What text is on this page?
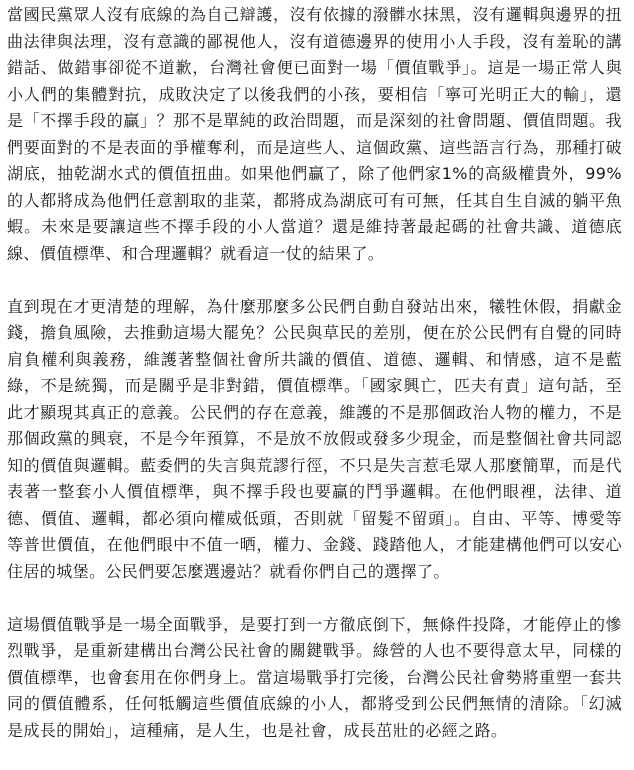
當國民黨眾人沒有底線的為自己辯護，沒有依據的潑髒水抹黑，沒有邏輯與邊界的扭曲法律與法理，沒有意識的鄙視他人，沒有道德邊界的使用小人手段，沒有羞恥的講錯話、做錯事卻從不道歉，台灣社會便已面對一場「價值戰爭」。這是一場正常人與小人們的集體對抗，成敗決定了以後我們的小孩，要相信「寧可光明正大的輸」，還是「不擇手段的贏」？那不是單純的政治問題，而是深刻的社會問題、價值問題。我們要面對的不是表面的爭權奪利，而是這些人、這個政黨、這些語言行為，那種打破湖底，抽乾湖水式的價值扭曲。如果他們贏了，除了他們家1%的高級權貴外，99%的人都將成為他們任意割取的韭菜，都將成為湖底可有可無，任其自生自滅的躺平魚蝦。未來是要讓這些不擇手段的小人當道？還是維持著最起碼的社會共識、道德底線、價值標準、和合理邏輯？就看這一仗的結果了。

直到現在才更清楚的理解，為什麼那麼多公民們自動自發站出來，犧牲休假，捐獻金錢，擔負風險，去推動這場大罷免？公民與草民的差別，便在於公民們有自覺的同時肩負權利與義務，維護著整個社會所共識的價值、道德、邏輯、和情感，這不是藍綠，不是統獨，而是關乎是非對錯，價值標準。「國家興亡，匹夫有責」這句話，至此才顯現其真正的意義。公民們的存在意義，維護的不是那個政治人物的權力，不是那個政黨的興衰，不是今年預算，不是放不放假或發多少現金，而是整個社會共同認知的價值與邏輯。藍委們的失言與荒謬行徑，不只是失言惹毛眾人那麼簡單，而是代表著一整套小人價值標準，與不擇手段也要贏的鬥爭邏輯。在他們眼裡，法律、道德、價值、邏輯，都必須向權威低頭，否則就「留髮不留頭」。自由、平等、博愛等等普世價值，在他們眼中不值一晒，權力、金錢、踐踏他人，才能建構他們可以安心住居的城堡。公民們要怎麼選邊站？就看你們自己的選擇了。

這場價值戰爭是一場全面戰爭，是要打到一方徹底倒下，無條件投降，才能停止的慘烈戰爭，是重新建構出台灣公民社會的關鍵戰爭。綠營的人也不要得意太早，同樣的價值標準，也會套用在你們身上。當這場戰爭打完後，台灣公民社會勢將重塑一套共同的價值體系，任何牴觸這些價值底線的小人，都將受到公民們無情的清除。「幻滅是成長的開始」，這種痛，是人生，也是社會，成長茁壯的必經之路。
